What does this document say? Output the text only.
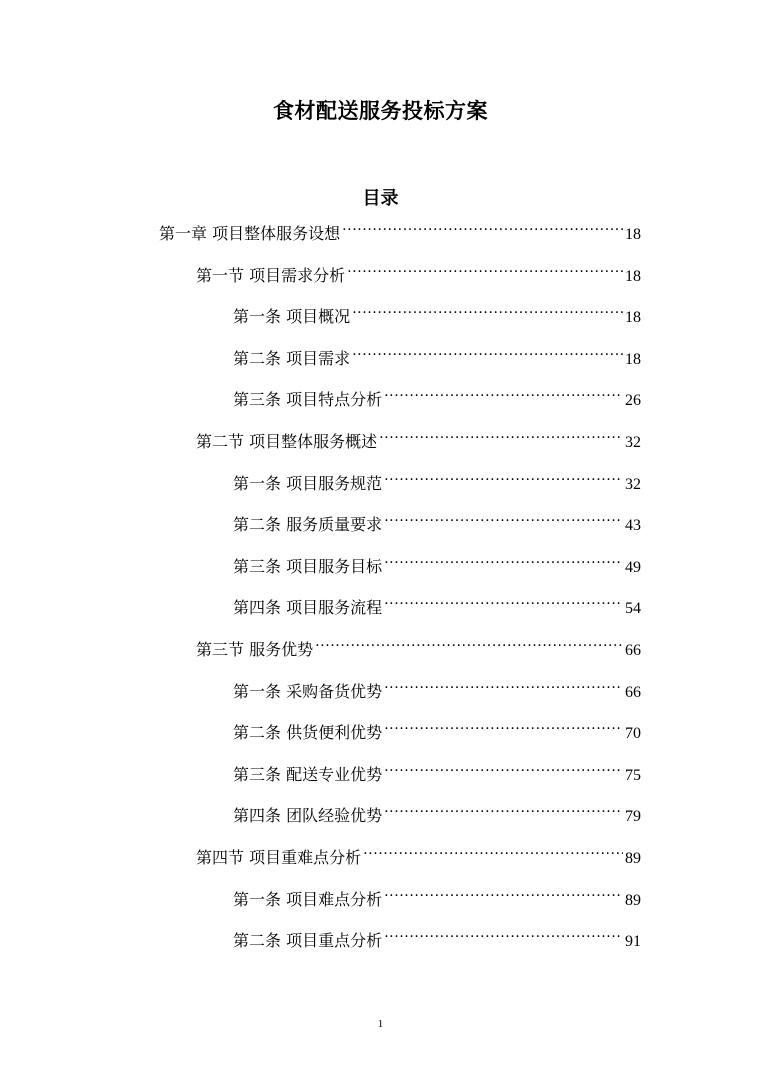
食材配送服务投标方案
目录
第一章 项目整体服务设想 .....	18
第一节 项目需求分析 .....	18
第一条 项目概况 .....	18
第二条 项目需求 .....	18
第三条 项目特点分析 .....	26
第二节 项目整体服务概述 .....	32
第一条 项目服务规范 .....	32
第二条 服务质量要求 .....	43
第三条 项目服务目标 .....	49
第四条 项目服务流程 .....	54
第三节 服务优势 .....	66
第一条 采购备货优势 .....	66
第二条 供货便利优势 .....	70
第三条 配送专业优势 .....	75
第四条 团队经验优势 .....	79
第四节 项目重难点分析 .....	89
第一条 项目难点分析 .....	89
第二条 项目重点分析 .....	91
1
